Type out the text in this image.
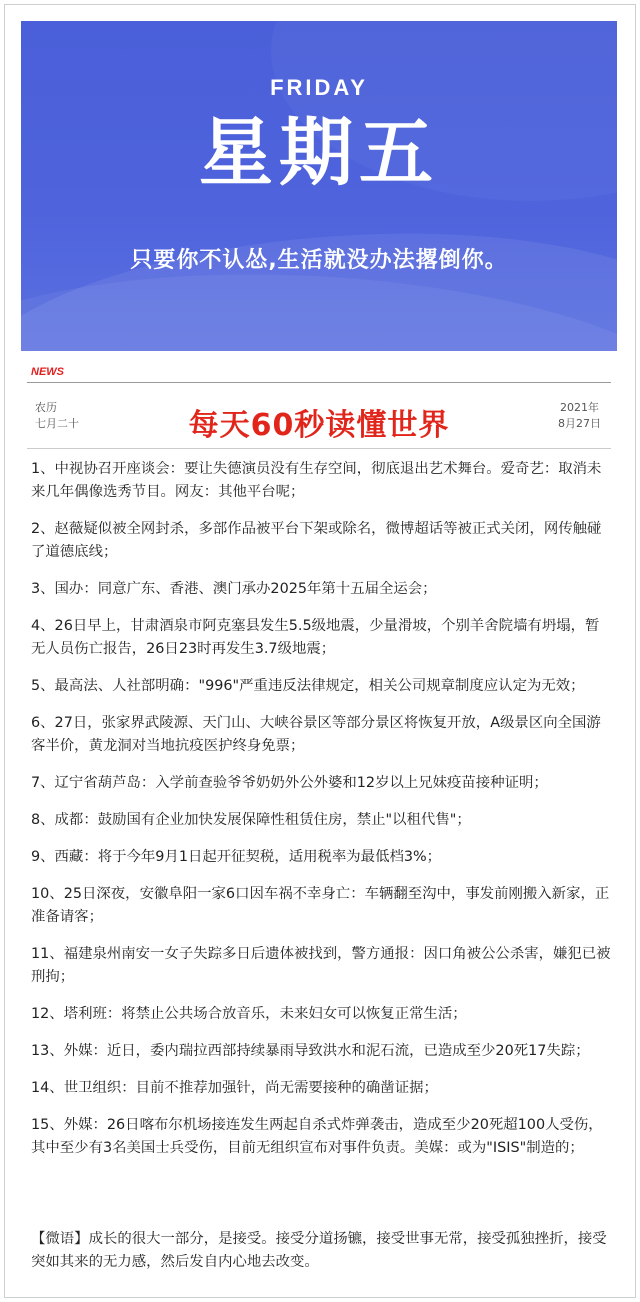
FRIDAY
星期五
只要你不认怂,生活就没办法撂倒你。
NEWS
农历
七月二十	每天60秒读懂世界
2021年
8月27日

1、中视协召开座谈会：要让失德演员没有生存空间，彻底退出艺术舞台。爱奇艺：取消未来几年偶像选秀节目。网友：其他平台呢；

2、赵薇疑似被全网封杀，多部作品被平台下架或除名，微博超话等被正式关闭，网传触碰了道德底线；

3、国办：同意广东、香港、澳门承办2025年第十五届全运会；

4、26日早上，甘肃酒泉市阿克塞县发生5.5级地震，少量滑坡，个别羊舍院墙有坍塌，暂无人员伤亡报告，26日23时再发生3.7级地震；

5、最高法、人社部明确："996"严重违反法律规定，相关公司规章制度应认定为无效；

6、27日，张家界武陵源、天门山、大峡谷景区等部分景区将恢复开放，A级景区向全国游客半价，黄龙洞对当地抗疫医护终身免票；

7、辽宁省葫芦岛：入学前查验爷爷奶奶外公外婆和12岁以上兄妹疫苗接种证明；

8、成都：鼓励国有企业加快发展保障性租赁住房，禁止"以租代售"；

9、西藏：将于今年9月1日起开征契税，适用税率为最低档3%；

10、25日深夜，安徽阜阳一家6口因车祸不幸身亡：车辆翻至沟中，事发前刚搬入新家，正准备请客；

11、福建泉州南安一女子失踪多日后遗体被找到，警方通报：因口角被公公杀害，嫌犯已被刑拘；

12、塔利班：将禁止公共场合放音乐，未来妇女可以恢复正常生活；

13、外媒：近日，委内瑞拉西部持续暴雨导致洪水和泥石流，已造成至少20死17失踪；

14、世卫组织：目前不推荐加强针，尚无需要接种的确凿证据；

15、外媒：26日喀布尔机场接连发生两起自杀式炸弹袭击，造成至少20死超100人受伤，其中至少有3名美国士兵受伤，目前无组织宣布对事件负责。美媒：或为"ISIS"制造的；

【微语】成长的很大一部分，是接受。接受分道扬镳，接受世事无常，接受孤独挫折，接受突如其来的无力感，然后发自内心地去改变。
